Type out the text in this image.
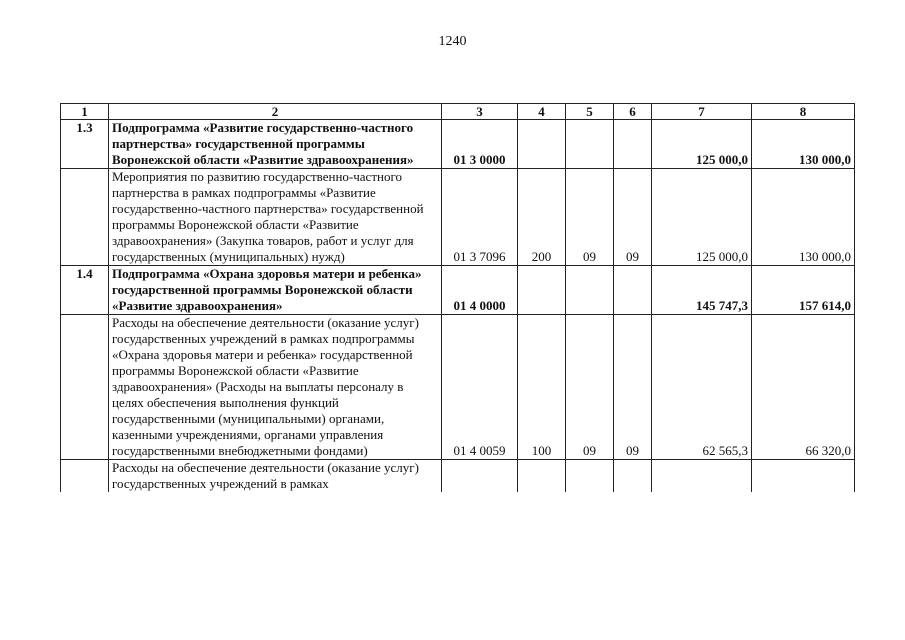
1240
1	2	3	4	5	6	7	8
1.3	Подпрограмма «Развитие государственно-частного партнерства» государственной программы Воронежской области «Развитие здравоохранения»	01 3 0000				125 000,0	130 000,0
	Мероприятия по развитию государственно-частного партнерства в рамках подпрограммы «Развитие государственно-частного партнерства» государственной программы Воронежской области «Развитие здравоохранения» (Закупка товаров, работ и услуг для государственных (муниципальных) нужд)	01 3 7096	200	09	09	125 000,0	130 000,0
1.4	Подпрограмма «Охрана здоровья матери и ребенка» государственной программы Воронежской области «Развитие здравоохранения»	01 4 0000				145 747,3	157 614,0
	Расходы на обеспечение деятельности (оказание услуг) государственных учреждений в рамках подпрограммы «Охрана здоровья матери и ребенка» государственной программы Воронежской области «Развитие здравоохранения» (Расходы на выплаты персоналу в целях обеспечения выполнения функций государственными (муниципальными) органами, казенными учреждениями, органами управления государственными внебюджетными фондами)	01 4 0059	100	09	09	62 565,3	66 320,0
	Расходы на обеспечение деятельности (оказание услуг) государственных учреждений в рамках						
